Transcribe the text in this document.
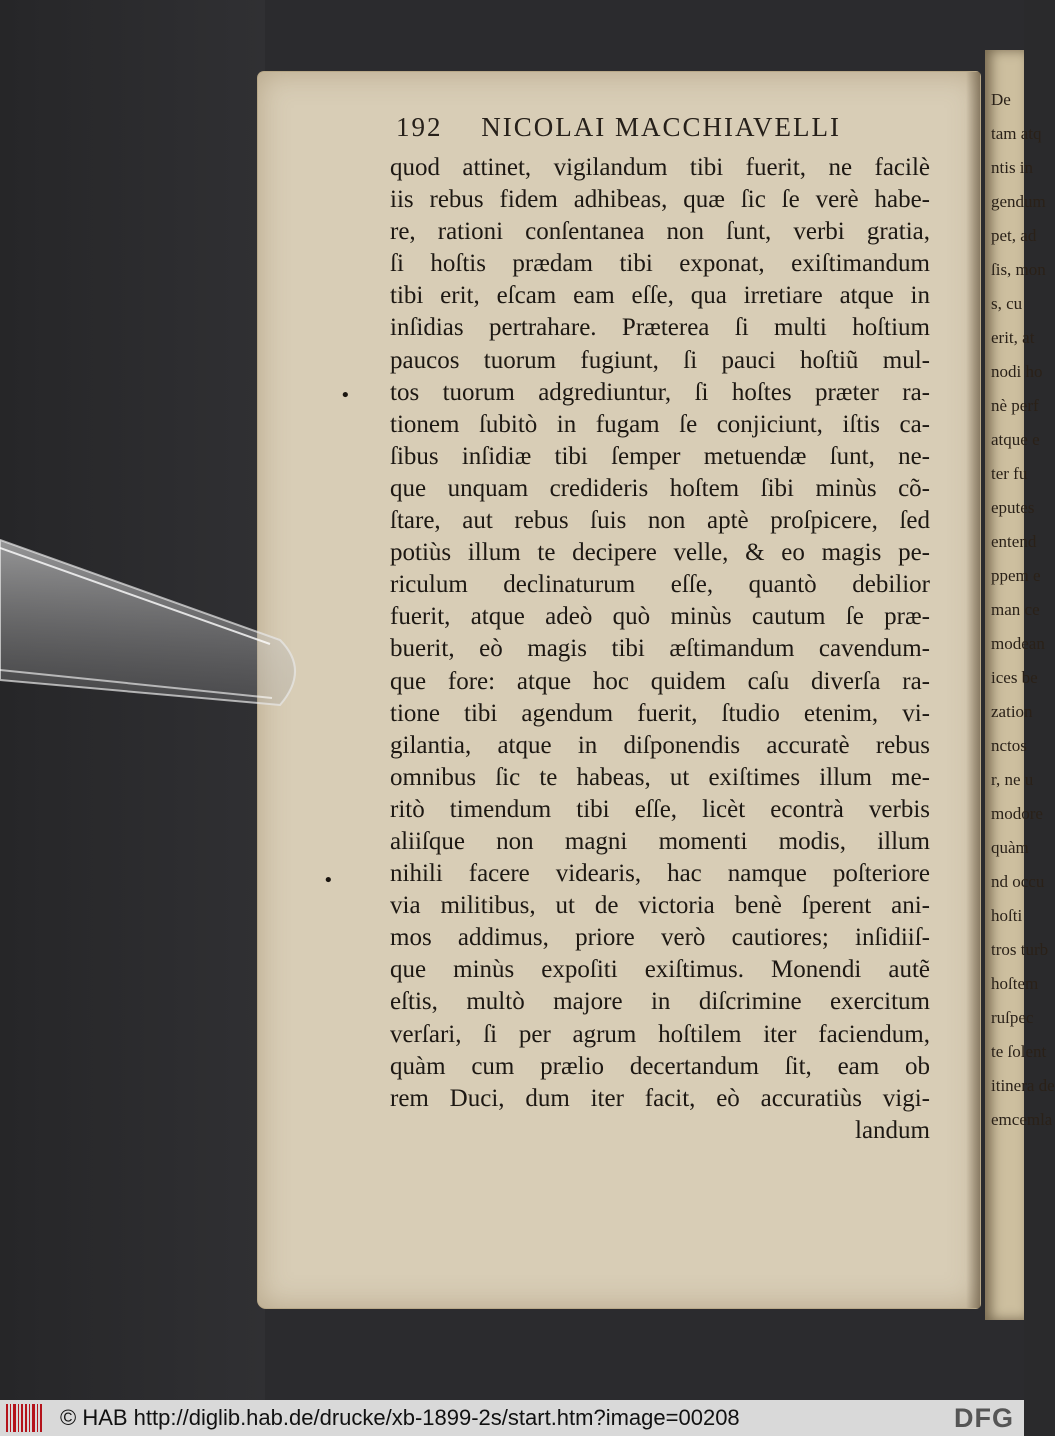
De
tam atq
ntis in
gendum
pet, ad
ſis, mon
s, cu
erit, at
nodi ho
nè perf
atque e
ter fu
eputes
entend
ppem e
man ce
modean
ices be
zation
nctos
r, ne u
modore
quàm
nd occu
hoſti
tros turb
hoſtem
ruſpec
te ſolent
itinera de
emcemla
192 NICOLAI MACCHIAVELLI
quod attinet, vigilandum tibi fuerit, ne facilè
iis rebus fidem adhibeas, quæ ſic ſe verè habe-
re, rationi conſentanea non ſunt, verbi gratia,
ſi hoſtis prædam tibi exponat, exiſtimandum
tibi erit, eſcam eam eſſe, qua irretiare atque in
inſidias pertrahare. Præterea ſi multi hoſtium
paucos tuorum fugiunt, ſi pauci hoſtiũ mul-
tos tuorum adgrediuntur, ſi hoſtes præter ra-
tionem ſubitò in fugam ſe conjiciunt, iſtis ca-
ſibus inſidiæ tibi ſemper metuendæ ſunt, ne-
que unquam credideris hoſtem ſibi minùs cõ-
ſtare, aut rebus ſuis non aptè proſpicere, ſed
potiùs illum te decipere velle, & eo magis pe-
riculum declinaturum eſſe, quantò debilior
fuerit, atque adeò quò minùs cautum ſe præ-
buerit, eò magis tibi æſtimandum cavendum-
que fore: atque hoc quidem caſu diverſa ra-
tione tibi agendum fuerit, ſtudio etenim, vi-
gilantia, atque in diſponendis accuratè rebus
omnibus ſic te habeas, ut exiſtimes illum me-
ritò timendum tibi eſſe, licèt econtrà verbis
aliiſque non magni momenti modis, illum
nihili facere videaris, hac namque poſteriore
via militibus, ut de victoria benè ſperent ani-
mos addimus, priore verò cautiores; inſidiiſ-
que minùs expoſiti exiſtimus. Monendi autẽ
eſtis, multò majore in diſcrimine exercitum
verſari, ſi per agrum hoſtilem iter faciendum,
quàm cum prælio decertandum ſit, eam ob
rem Duci, dum iter facit, eò accuratiùs vigi-
landum
•
•
© HAB http://diglib.hab.de/drucke/xb-1899-2s/start.htm?image=00208	DFG
